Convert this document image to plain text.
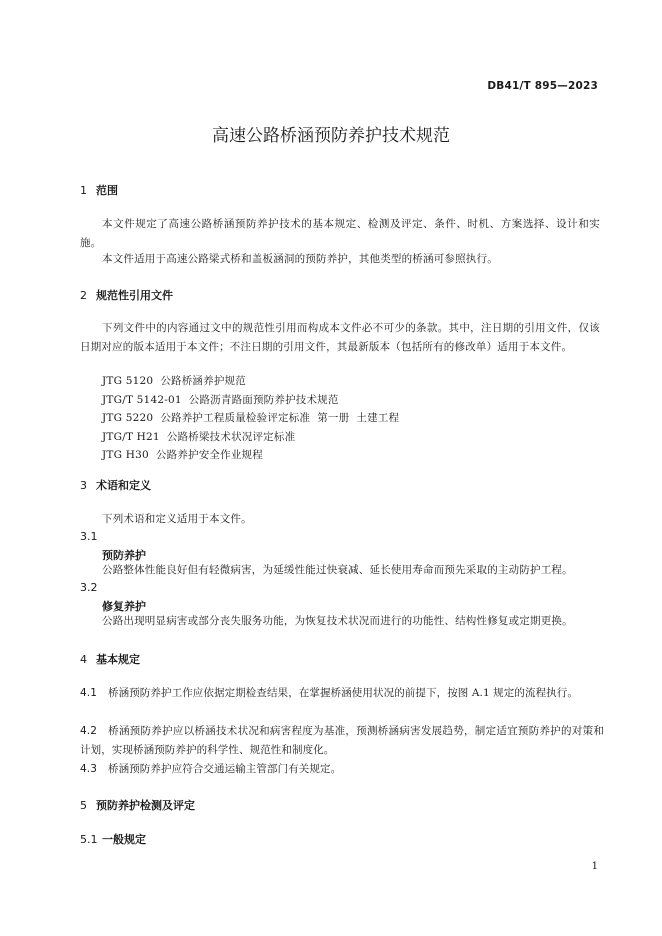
DB41/T 895—2023
高速公路桥涵预防养护技术规范
1 范围
本文件规定了高速公路桥涵预防养护技术的基本规定、检测及评定、条件、时机、方案选择、设计和实施。
本文件适用于高速公路梁式桥和盖板涵洞的预防养护，其他类型的桥涵可参照执行。
2 规范性引用文件
下列文件中的内容通过文中的规范性引用而构成本文件必不可少的条款。其中，注日期的引用文件，仅该日期对应的版本适用于本文件；不注日期的引用文件，其最新版本（包括所有的修改单）适用于本文件。
JTG 5120  公路桥涵养护规范
JTG/T 5142-01  公路沥青路面预防养护技术规范
JTG 5220  公路养护工程质量检验评定标准  第一册  土建工程
JTG/T H21  公路桥梁技术状况评定标准
JTG H30  公路养护安全作业规程
3 术语和定义
下列术语和定义适用于本文件。
3.1
预防养护
公路整体性能良好但有轻微病害，为延缓性能过快衰减、延长使用寿命而预先采取的主动防护工程。
3.2
修复养护
公路出现明显病害或部分丧失服务功能，为恢复技术状况而进行的功能性、结构性修复或定期更换。
4 基本规定
4.1 桥涵预防养护工作应依据定期检查结果，在掌握桥涵使用状况的前提下，按图 A.1 规定的流程执行。
4.2 桥涵预防养护应以桥涵技术状况和病害程度为基准，预测桥涵病害发展趋势，制定适宜预防养护的对策和计划，实现桥涵预防养护的科学性、规范性和制度化。
4.3 桥涵预防养护应符合交通运输主管部门有关规定。
5 预防养护检测及评定
5.1 一般规定
1
